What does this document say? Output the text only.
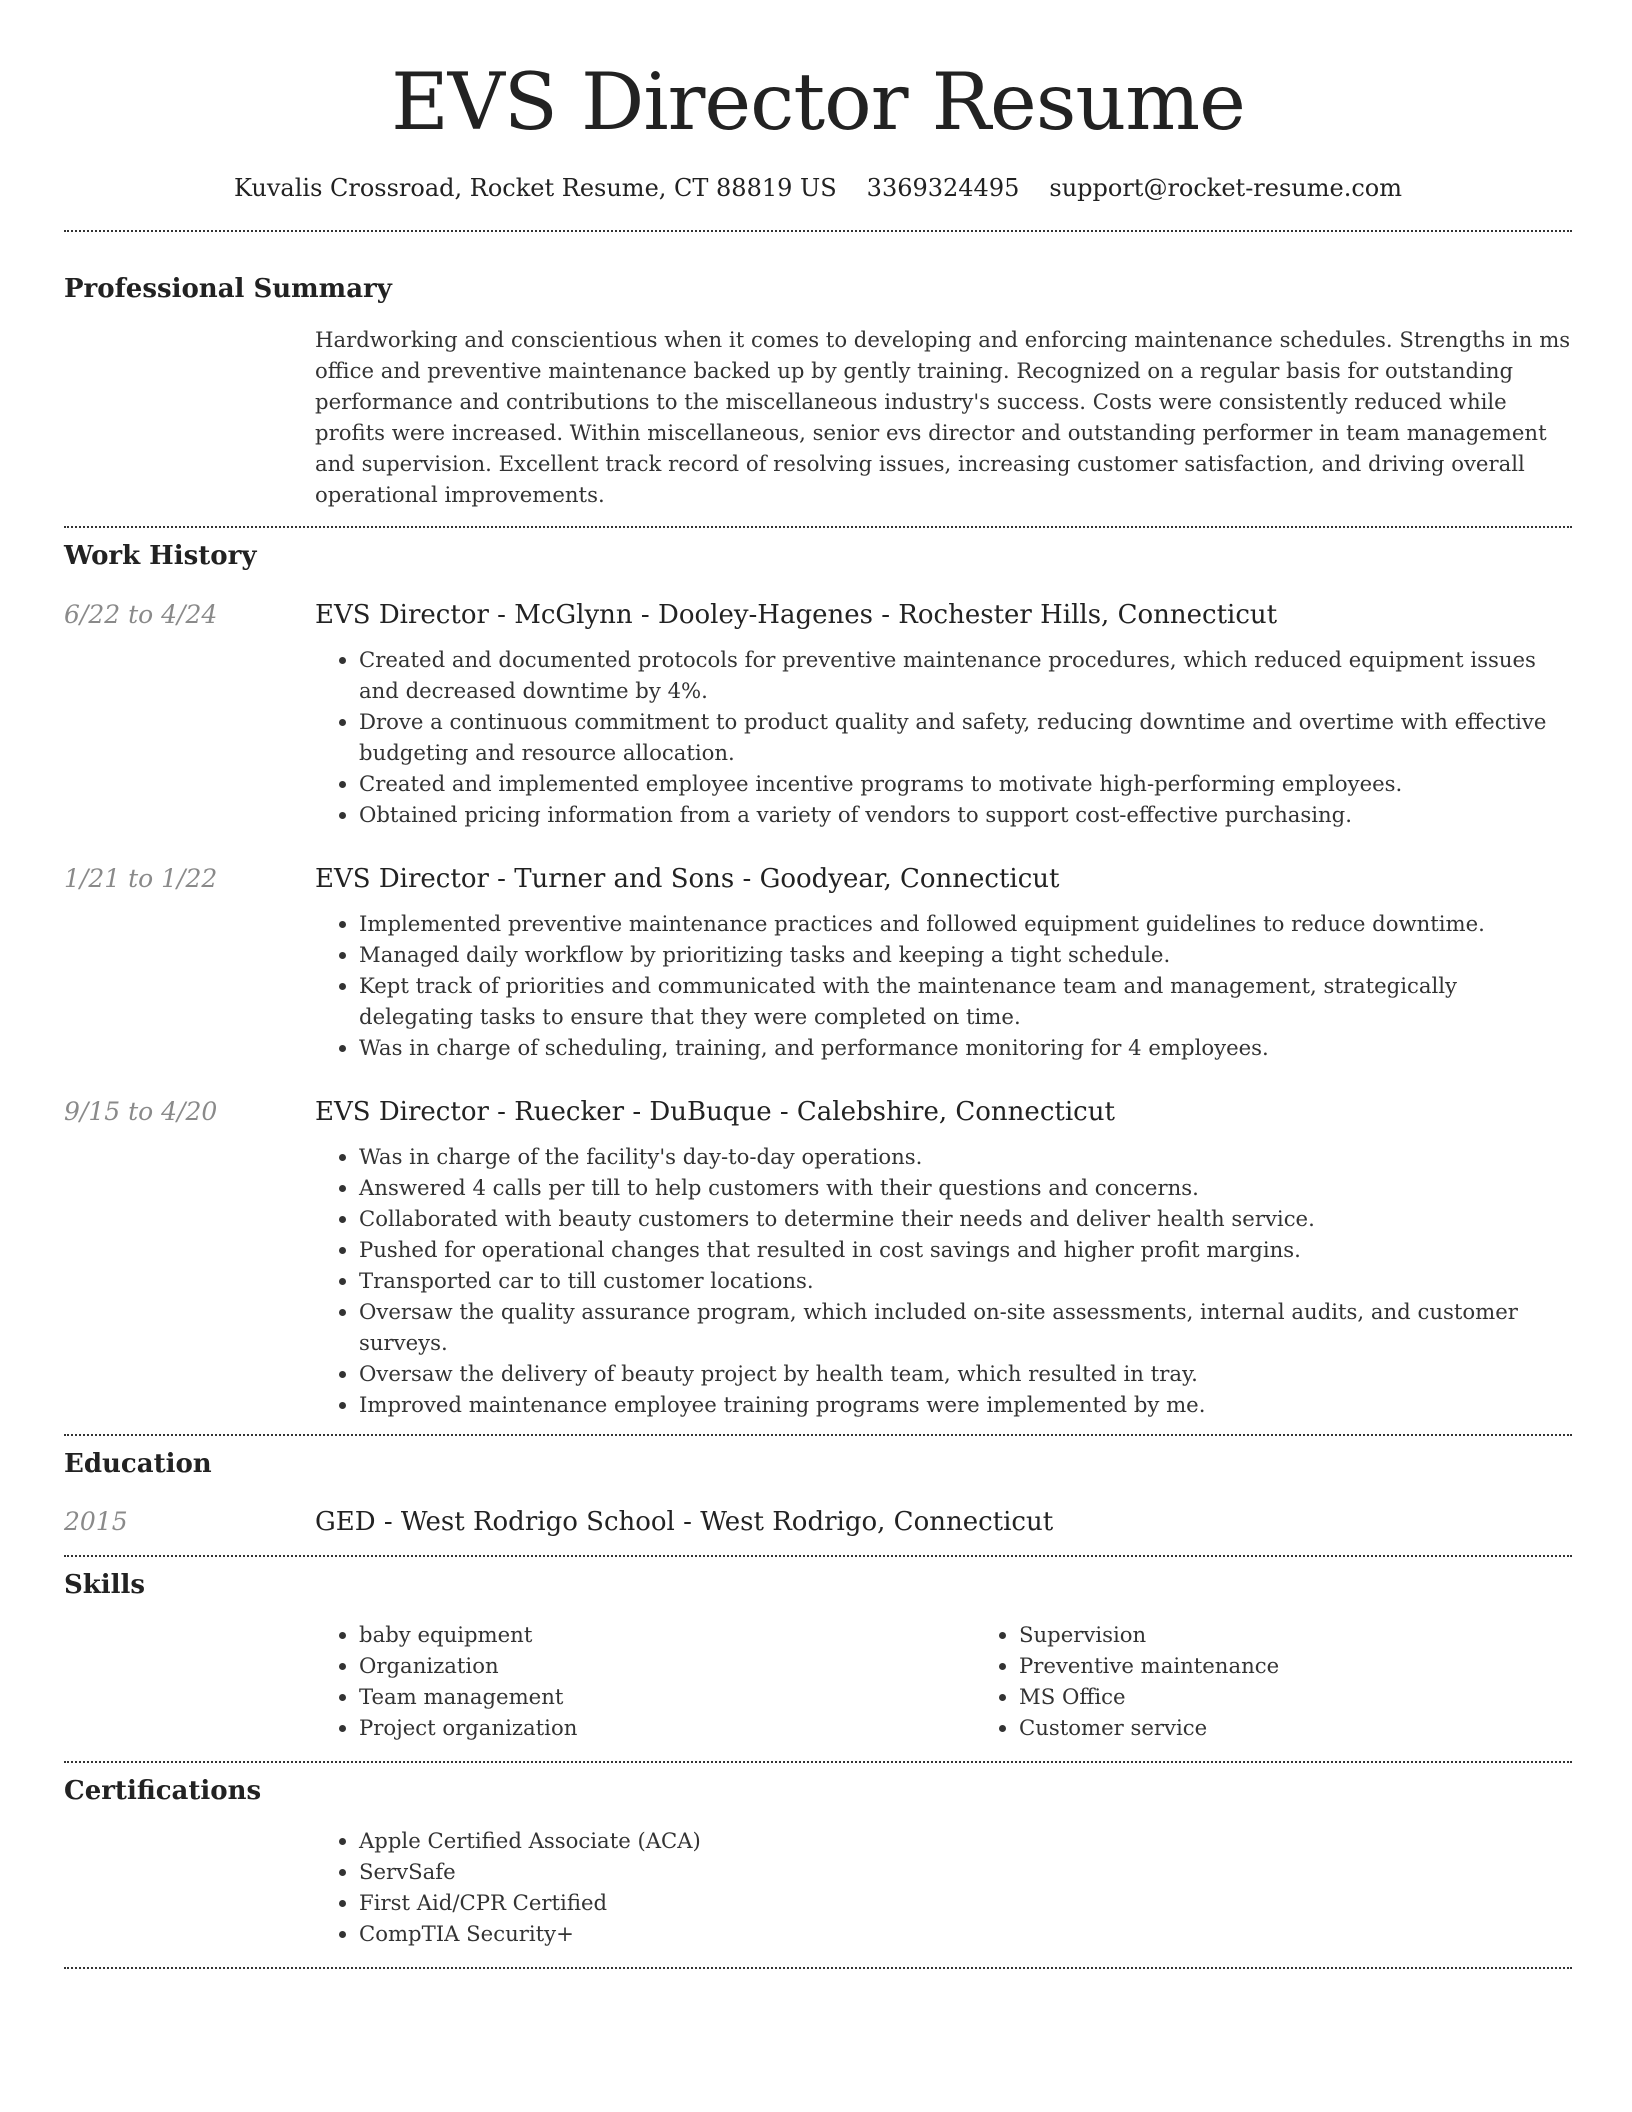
EVS Director Resume
Kuvalis Crossroad, Rocket Resume, CT 88819 US 3369324495 support@rocket-resume.com
Professional Summary

Hardworking and conscientious when it comes to developing and enforcing maintenance schedules. Strengths in ms office and preventive maintenance backed up by gently training. Recognized on a regular basis for outstanding performance and contributions to the miscellaneous industry's success. Costs were consistently reduced while profits were increased. Within miscellaneous, senior evs director and outstanding performer in team management and supervision. Excellent track record of resolving issues, increasing customer satisfaction, and driving overall operational improvements.

Work History
6/22 to 4/24	EVS Director - McGlynn - Dooley-Hagenes - Rochester Hills, Connecticut
• Created and documented protocols for preventive maintenance procedures, which reduced equipment issues and decreased downtime by 4%.
• Drove a continuous commitment to product quality and safety, reducing downtime and overtime with effective budgeting and resource allocation.
• Created and implemented employee incentive programs to motivate high-performing employees.
• Obtained pricing information from a variety of vendors to support cost-effective purchasing.
1/21 to 1/22	EVS Director - Turner and Sons - Goodyear, Connecticut
• Implemented preventive maintenance practices and followed equipment guidelines to reduce downtime.
• Managed daily workflow by prioritizing tasks and keeping a tight schedule.
• Kept track of priorities and communicated with the maintenance team and management, strategically delegating tasks to ensure that they were completed on time.
• Was in charge of scheduling, training, and performance monitoring for 4 employees.
9/15 to 4/20	EVS Director - Ruecker - DuBuque - Calebshire, Connecticut
• Was in charge of the facility's day-to-day operations.
• Answered 4 calls per till to help customers with their questions and concerns.
• Collaborated with beauty customers to determine their needs and deliver health service.
• Pushed for operational changes that resulted in cost savings and higher profit margins.
• Transported car to till customer locations.
• Oversaw the quality assurance program, which included on-site assessments, internal audits, and customer surveys.
• Oversaw the delivery of beauty project by health team, which resulted in tray.
• Improved maintenance employee training programs were implemented by me.
Education
2015	GED - West Rodrigo School - West Rodrigo, Connecticut
Skills
• baby equipment
• Organization
• Team management
• Project organization
• Supervision
• Preventive maintenance
• MS Office
• Customer service
Certifications
• Apple Certified Associate (ACA)
• ServSafe
• First Aid/CPR Certified
• CompTIA Security+
